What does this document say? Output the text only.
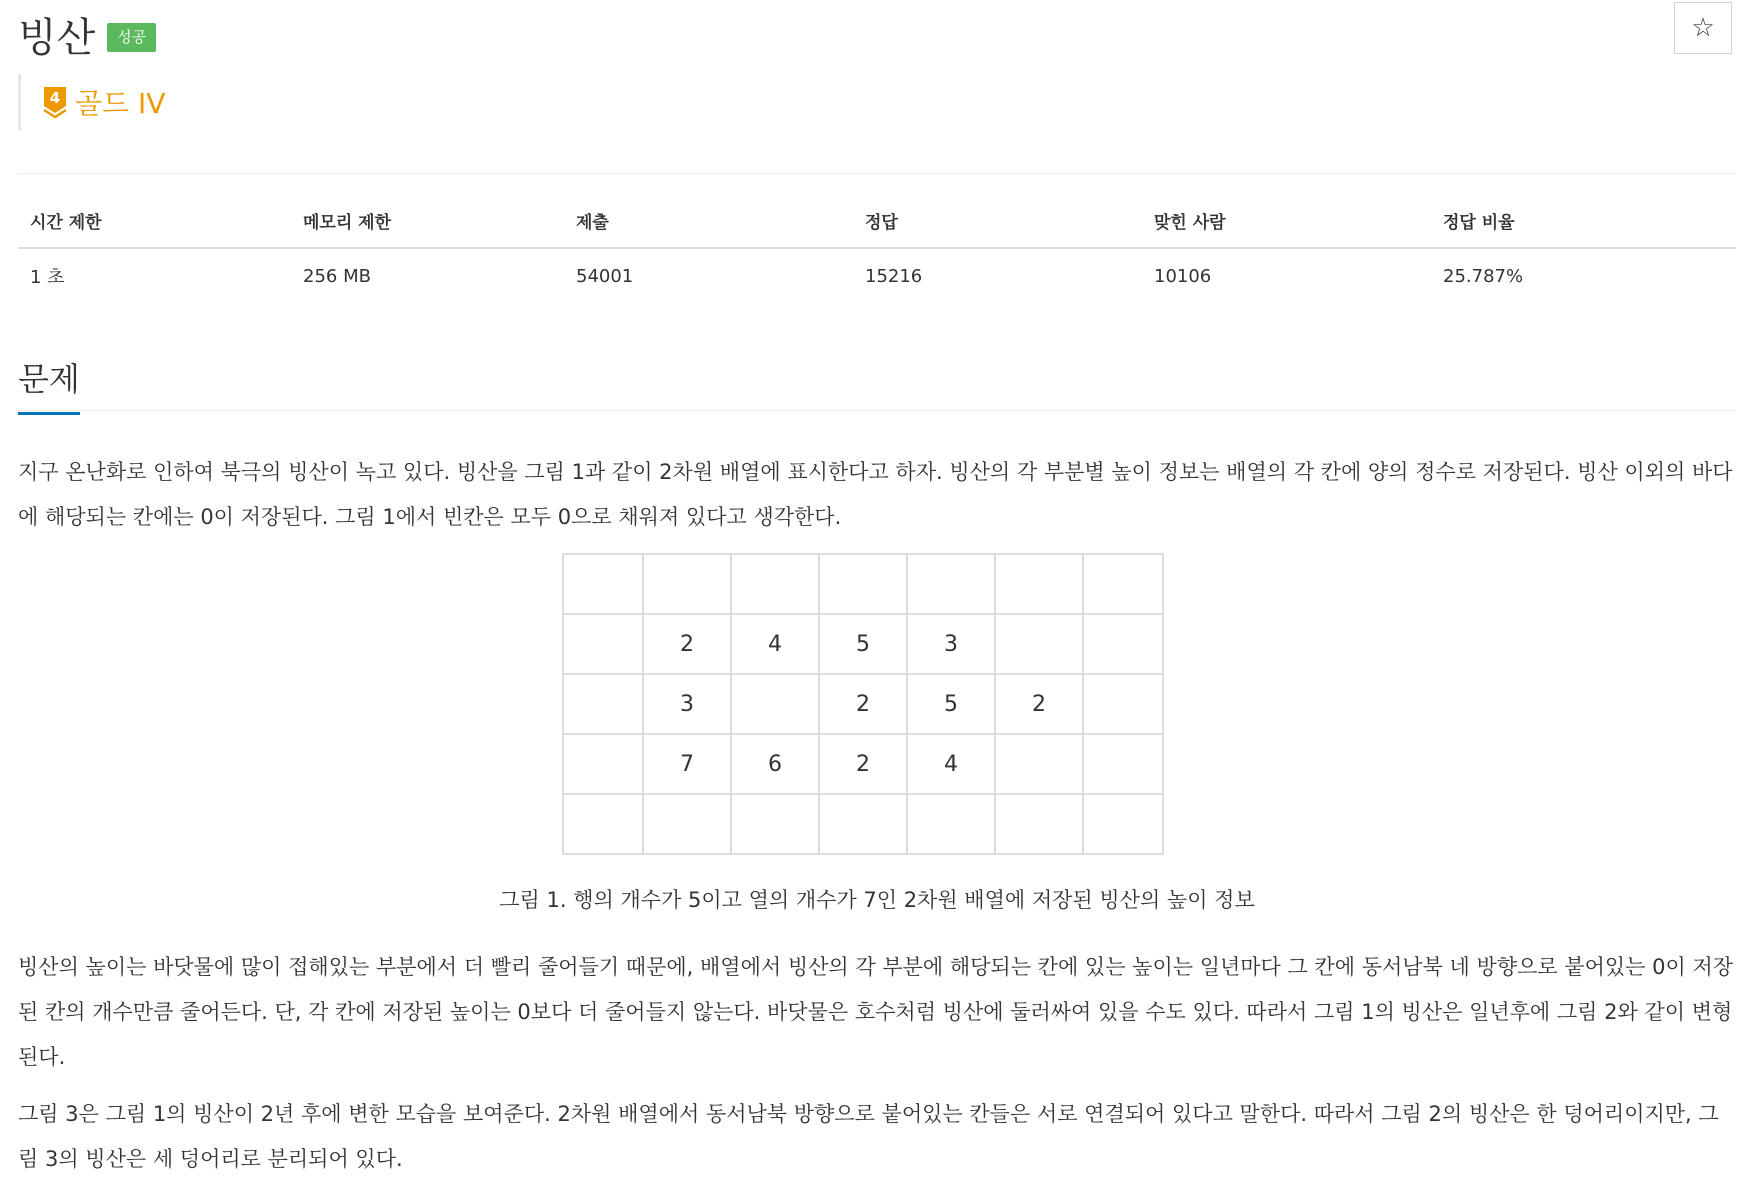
빙산	성공	☆
4 골드 IV
시간 제한	메모리 제한	제출	정답	맞힌 사람	정답 비율
1 초	256 MB	54001	15216	10106	25.787%
문제

지구 온난화로 인하여 북극의 빙산이 녹고 있다. 빙산을 그림 1과 같이 2차원 배열에 표시한다고 하자. 빙산의 각 부분별 높이 정보는 배열의 각 칸에 양의 정수로 저장된다. 빙산 이외의 바다에 해당되는 칸에는 0이 저장된다. 그림 1에서 빈칸은 모두 0으로 채워져 있다고 생각한다.

	2	4	5	3		
	3		2	5	2	
	7	6	2	4		

그림 1. 행의 개수가 5이고 열의 개수가 7인 2차원 배열에 저장된 빙산의 높이 정보

빙산의 높이는 바닷물에 많이 접해있는 부분에서 더 빨리 줄어들기 때문에, 배열에서 빙산의 각 부분에 해당되는 칸에 있는 높이는 일년마다 그 칸에 동서남북 네 방향으로 붙어있는 0이 저장된 칸의 개수만큼 줄어든다. 단, 각 칸에 저장된 높이는 0보다 더 줄어들지 않는다. 바닷물은 호수처럼 빙산에 둘러싸여 있을 수도 있다. 따라서 그림 1의 빙산은 일년후에 그림 2와 같이 변형된다.

그림 3은 그림 1의 빙산이 2년 후에 변한 모습을 보여준다. 2차원 배열에서 동서남북 방향으로 붙어있는 칸들은 서로 연결되어 있다고 말한다. 따라서 그림 2의 빙산은 한 덩어리이지만, 그림 3의 빙산은 세 덩어리로 분리되어 있다.
